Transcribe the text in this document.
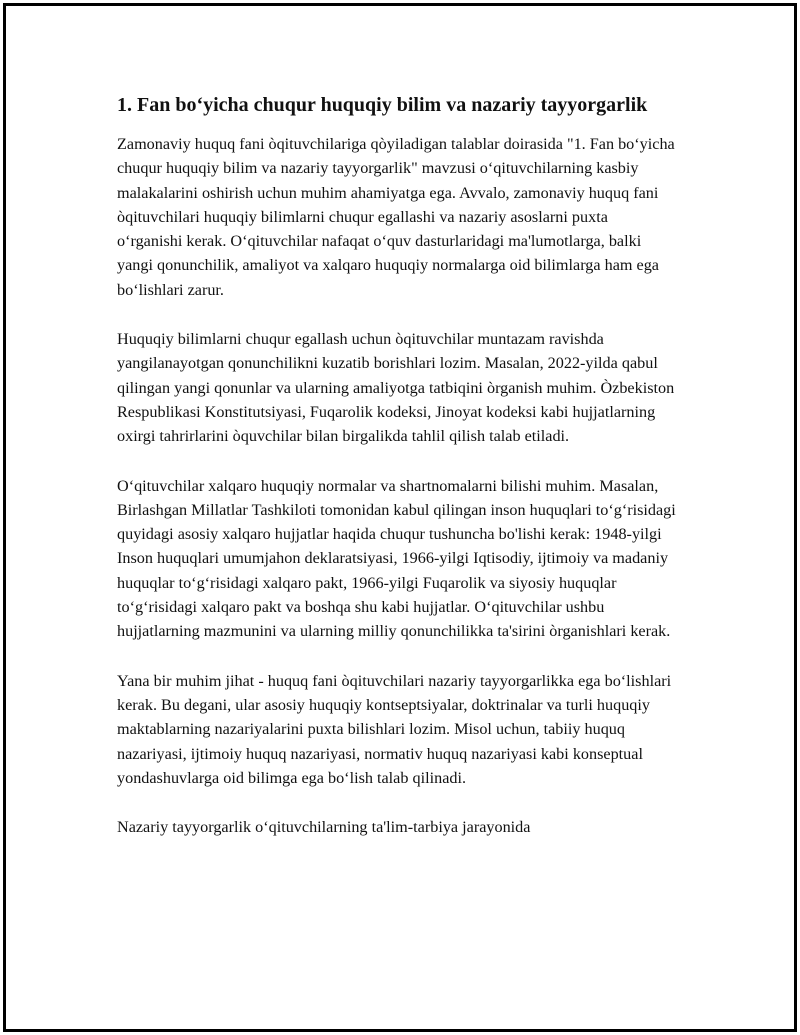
1. Fan bo‘yicha chuqur huquqiy bilim va nazariy tayyorgarlik

Zamonaviy huquq fani òqituvchilariga qòyiladigan talablar doirasida "1. Fan bo‘yicha chuqur huquqiy bilim va nazariy tayyorgarlik" mavzusi o‘qituvchilarning kasbiy malakalarini oshirish uchun muhim ahamiyatga ega. Avvalo, zamonaviy huquq fani òqituvchilari huquqiy bilimlarni chuqur egallashi va nazariy asoslarni puxta o‘rganishi kerak. O‘qituvchilar nafaqat o‘quv dasturlaridagi ma'lumotlarga, balki yangi qonunchilik, amaliyot va xalqaro huquqiy normalarga oid bilimlarga ham ega bo‘lishlari zarur.

Huquqiy bilimlarni chuqur egallash uchun òqituvchilar muntazam ravishda yangilanayotgan qonunchilikni kuzatib borishlari lozim. Masalan, 2022-yilda qabul qilingan yangi qonunlar va ularning amaliyotga tatbiqini òrganish muhim. Òzbekiston Respublikasi Konstitutsiyasi, Fuqarolik kodeksi, Jinoyat kodeksi kabi hujjatlarning oxirgi tahrirlarini òquvchilar bilan birgalikda tahlil qilish talab etiladi.

O‘qituvchilar xalqaro huquqiy normalar va shartnomalarni bilishi muhim. Masalan, Birlashgan Millatlar Tashkiloti tomonidan kabul qilingan inson huquqlari to‘g‘risidagi quyidagi asosiy xalqaro hujjatlar haqida chuqur tushuncha bo'lishi kerak: 1948-yilgi Inson huquqlari umumjahon deklaratsiyasi, 1966-yilgi Iqtisodiy, ijtimoiy va madaniy huquqlar to‘g‘risidagi xalqaro pakt, 1966-yilgi Fuqarolik va siyosiy huquqlar to‘g‘risidagi xalqaro pakt va boshqa shu kabi hujjatlar. O‘qituvchilar ushbu hujjatlarning mazmunini va ularning milliy qonunchilikka ta'sirini òrganishlari kerak.

Yana bir muhim jihat - huquq fani òqituvchilari nazariy tayyorgarlikka ega bo‘lishlari kerak. Bu degani, ular asosiy huquqiy kontseptsiyalar, doktrinalar va turli huquqiy maktablarning nazariyalarini puxta bilishlari lozim. Misol uchun, tabiiy huquq nazariyasi, ijtimoiy huquq nazariyasi, normativ huquq nazariyasi kabi konseptual yondashuvlarga oid bilimga ega bo‘lish talab qilinadi.

Nazariy tayyorgarlik o‘qituvchilarning ta'lim-tarbiya jarayonida
